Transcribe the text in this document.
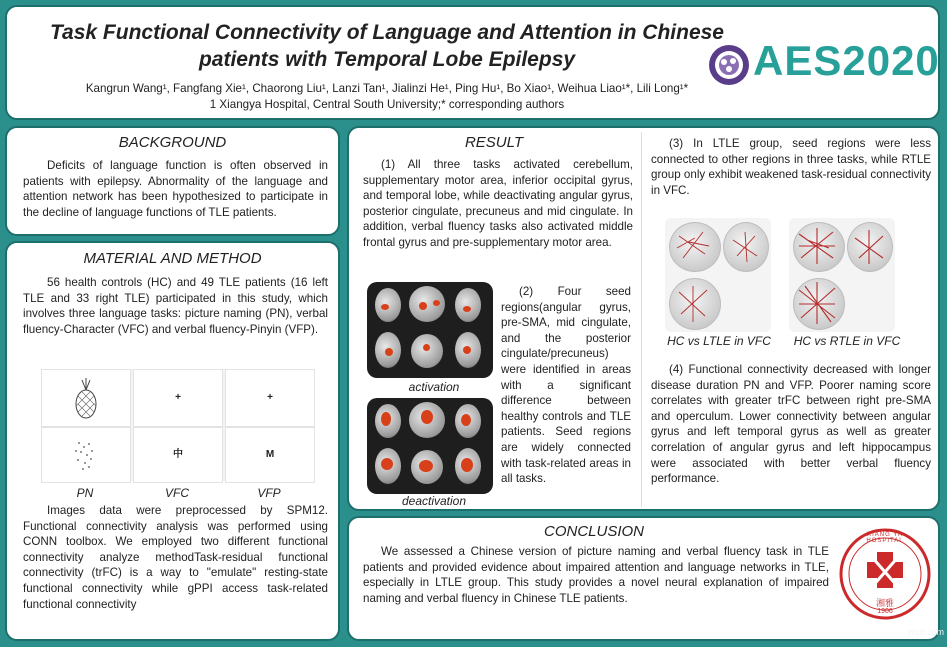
Task Functional Connectivity of Language and Attention in Chinese
patients with Temporal Lobe Epilepsy
Kangrun Wang¹, Fangfang Xie¹, Chaorong Liu¹, Lanzi Tan¹, Jialinzi He¹, Ping Hu¹, Bo Xiao¹, Weihua Liao¹*, Lili Long¹*
1 Xiangya Hospital, Central South University;* corresponding authors
AES2020
BACKGROUND
Deficits of language function is often observed in patients with epilepsy. Abnormality of the language and attention network has been hypothesized to participate in the decline of language functions of TLE patients.
MATERIAL AND METHOD
56 health controls (HC) and 49 TLE patients (16 left TLE and 33 right TLE) participated in this study, which involves three language tasks: picture naming (PN), verbal fluency-Character (VFC) and verbal fluency-Pinyin (VFP).
+	+
中	M
PN	VFC	VFP
Images data were preprocessed by SPM12. Functional connectivity analysis was performed using CONN toolbox. We employed two different functional connectivity analyze methodTask-residual functional connectivity (trFC) is a way to "emulate" resting-state functional connectivity while gPPI access task-related functional connectivity
RESULT
(1) All three tasks activated cerebellum, supplementary motor area, inferior occipital gyrus, and temporal lobe, while deactivating angular gyrus, posterior cingulate, precuneus and mid cingulate. In addition, verbal fluency tasks also activated middle frontal gyrus and pre-supplementary motor area.
activation
deactivation
(2) Four seed regions(angular gyrus, pre-SMA, mid cingulate, and the posterior cingulate/precuneus) were identified in areas with a significant difference between healthy controls and TLE patients. Seed regions are widely connected with task-related areas in all tasks.
(3) In LTLE group, seed regions were less connected to other regions in three tasks, while RTLE group only exhibit weakened task-residual connectivity in VFC.
HC vs LTLE in VFC	HC vs RTLE in VFC
(4) Functional connectivity decreased with longer disease duration PN and VFP. Poorer naming score correlates with greater trFC between right pre-SMA and operculum. Lower connectivity between angular gyrus and left temporal gyrus as well as greater correlation of angular gyrus and left hippocampus were associated with better verbal fluency performance.
CONCLUSION
We assessed a Chinese version of picture naming and verbal fluency task in TLE patients and provided evidence about impaired attention and language networks in TLE, especially in LTLE group. This study provides a novel neural explanation of impaired naming and verbal fluency in Chinese TLE patients.
XIANG YA HOSPITAL
湘雅
1906
ybpf.com
